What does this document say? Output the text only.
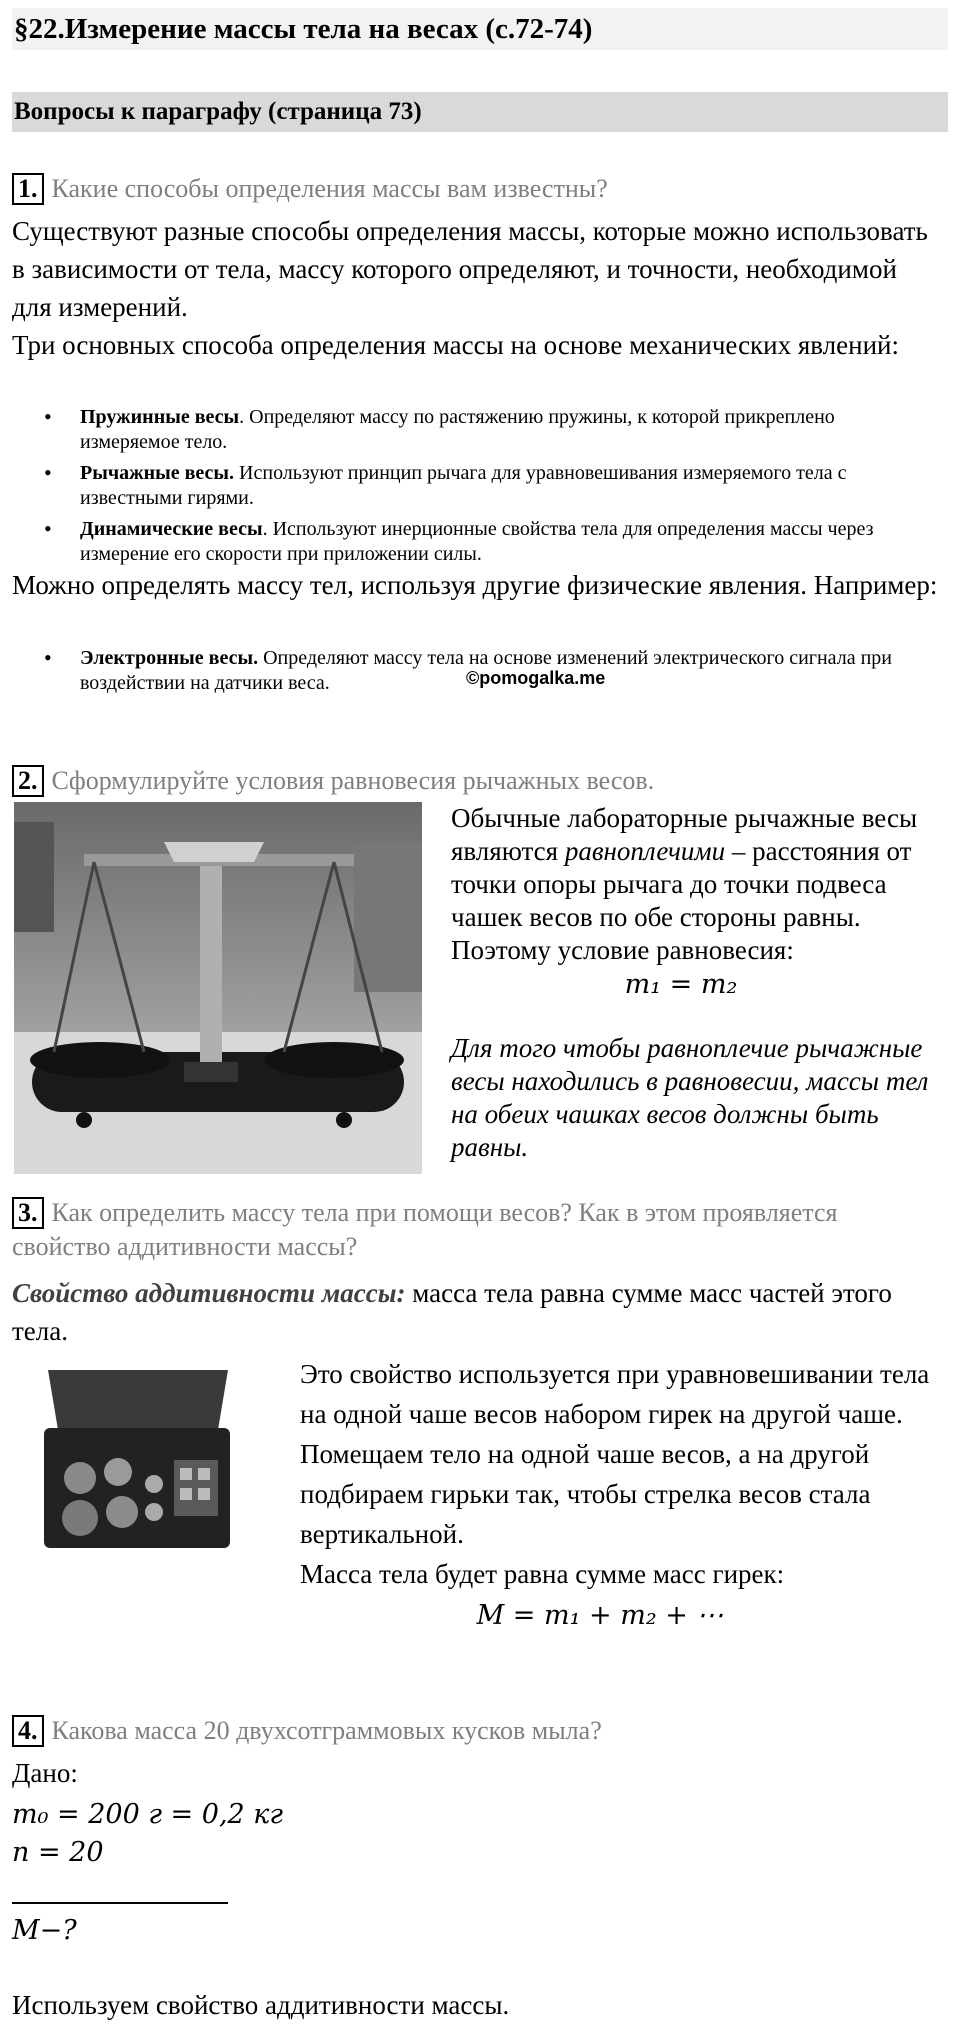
§22.Измерение массы тела на весах (с.72-74)
Вопросы к параграфу (страница 73)
1. Какие способы определения массы вам известны?
Существуют разные способы определения массы, которые можно использовать в зависимости от тела, массу которого определяют, и точности, необходимой для измерений.
Три основных способа определения массы на основе механических явлений:
• Пружинные весы. Определяют массу по растяжению пружины, к которой прикреплено измеряемое тело.
• Рычажные весы. Используют принцип рычага для уравновешивания измеряемого тела с известными гирями.
• Динамические весы. Используют инерционные свойства тела для определения массы через измерение его скорости при приложении силы.
Можно определять массу тел, используя другие физические явления. Например:
• Электронные весы. Определяют массу тела на основе изменений электрического сигнала при воздействии на датчики веса.	©pomogalka.me
2. Сформулируйте условия равновесия рычажных весов.
Обычные лабораторные рычажные весы являются равноплечими – расстояния от точки опоры рычага до точки подвеса чашек весов по обе стороны равны. Поэтому условие равновесия:
m₁ = m₂
Для того чтобы равноплечие рычажные весы находились в равновесии, массы тел на обеих чашках весов должны быть равны.
3. Как определить массу тела при помощи весов? Как в этом проявляется свойство аддитивности массы?
Свойство аддитивности массы: масса тела равна сумме масс частей этого тела.
Это свойство используется при уравновешивании тела на одной чаше весов набором гирек на другой чаше. Помещаем тело на одной чаше весов, а на другой подбираем гирьки так, чтобы стрелка весов стала вертикальной.
Масса тела будет равна сумме масс гирек:
M = m₁ + m₂ + ⋯
4. Какова масса 20 двухсотграммовых кусков мыла?
Дано:
m₀ = 200 г = 0,2 кг
n = 20
M−?
Используем свойство аддитивности массы.
